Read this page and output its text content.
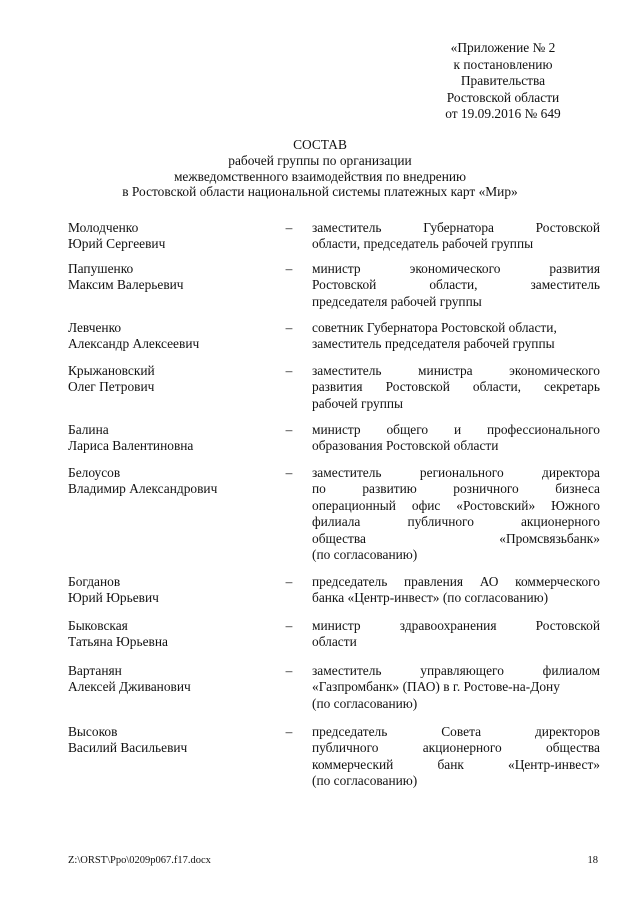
«Приложение № 2
к постановлению
Правительства
Ростовской области
от 19.09.2016 № 649
СОСТАВ
рабочей группы по организации
межведомственного взаимодействия по внедрению
в Ростовской области национальной системы платежных карт «Мир»
Молодченко
Юрий Сергеевич
– заместитель Губернатора Ростовской
области, председатель рабочей группы
Папушенко
Максим Валерьевич
– министр экономического развития
Ростовской области, заместитель
председателя рабочей группы
Левченко
Александр Алексеевич
– советник Губернатора Ростовской области,
заместитель председателя рабочей группы
Крыжановский
Олег Петрович
– заместитель министра экономического
развития Ростовской области, секретарь
рабочей группы
Балина
Лариса Валентиновна
– министр общего и профессионального
образования Ростовской области
Белоусов
Владимир Александрович
– заместитель регионального директора
по развитию розничного бизнеса
операционный офис «Ростовский» Южного
филиала публичного акционерного
общества «Промсвязьбанк»
(по согласованию)
Богданов
Юрий Юрьевич
– председатель правления АО коммерческого
банка «Центр-инвест» (по согласованию)
Быковская
Татьяна Юрьевна
– министр здравоохранения Ростовской
области
Вартанян
Алексей Дживанович
– заместитель управляющего филиалом
«Газпромбанк» (ПАО) в г. Ростове-на-Дону
(по согласованию)
Высоков
Василий Васильевич
– председатель Совета директоров
публичного акционерного общества
коммерческий банк «Центр-инвест»
(по согласованию)
Z:\ORST\Ppo\0209p067.f17.docx	18
